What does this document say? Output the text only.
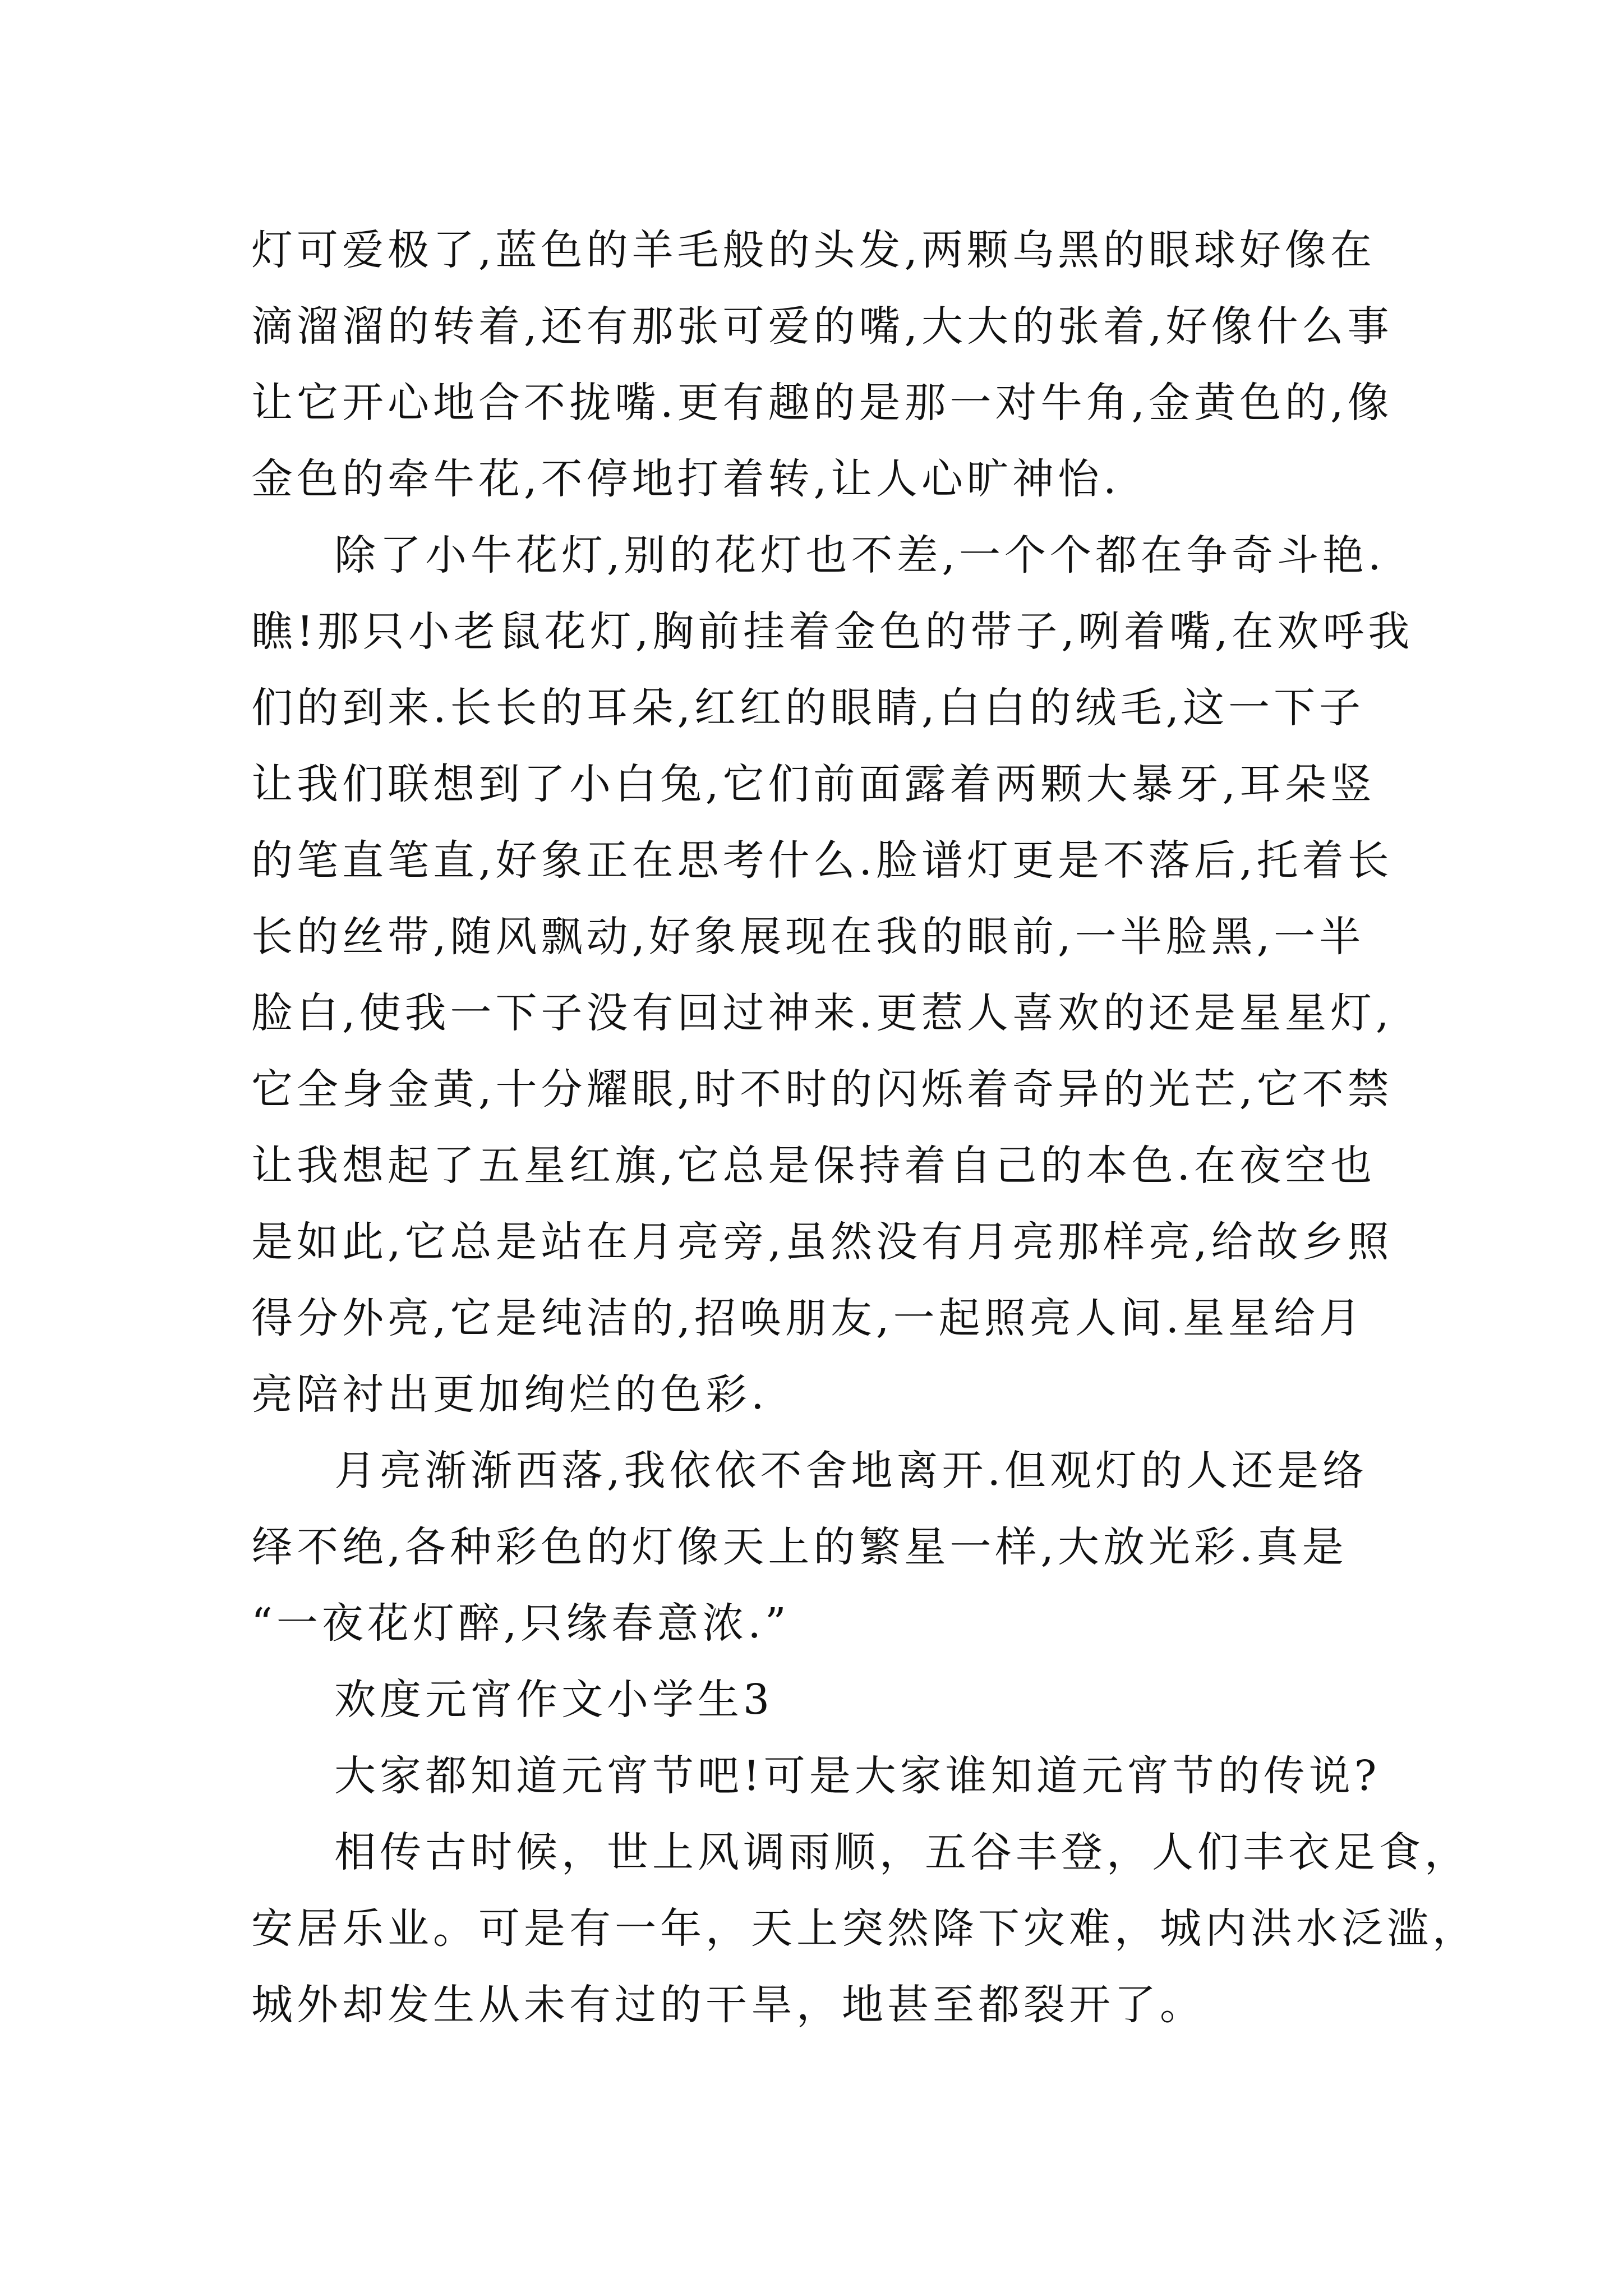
灯可爱极了,蓝色的羊毛般的头发,两颗乌黑的眼球好像在
滴溜溜的转着,还有那张可爱的嘴,大大的张着,好像什么事
让它开心地合不拢嘴.更有趣的是那一对牛角,金黄色的,像
金色的牵牛花,不停地打着转,让人心旷神怡.
除了小牛花灯,别的花灯也不差,一个个都在争奇斗艳.
瞧!那只小老鼠花灯,胸前挂着金色的带子,咧着嘴,在欢呼我
们的到来.长长的耳朵,红红的眼睛,白白的绒毛,这一下子
让我们联想到了小白兔,它们前面露着两颗大暴牙,耳朵竖
的笔直笔直,好象正在思考什么.脸谱灯更是不落后,托着长
长的丝带,随风飘动,好象展现在我的眼前,一半脸黑,一半
脸白,使我一下子没有回过神来.更惹人喜欢的还是星星灯,
它全身金黄,十分耀眼,时不时的闪烁着奇异的光芒,它不禁
让我想起了五星红旗,它总是保持着自己的本色.在夜空也
是如此,它总是站在月亮旁,虽然没有月亮那样亮,给故乡照
得分外亮,它是纯洁的,招唤朋友,一起照亮人间.星星给月
亮陪衬出更加绚烂的色彩.
月亮渐渐西落,我依依不舍地离开.但观灯的人还是络
绎不绝,各种彩色的灯像天上的繁星一样,大放光彩.真是
“一夜花灯醉,只缘春意浓.”
欢度元宵作文小学生3
大家都知道元宵节吧!可是大家谁知道元宵节的传说?
相传古时候，世上风调雨顺，五谷丰登，人们丰衣足食，
安居乐业。可是有一年，天上突然降下灾难，城内洪水泛滥，
城外却发生从未有过的干旱，地甚至都裂开了。
